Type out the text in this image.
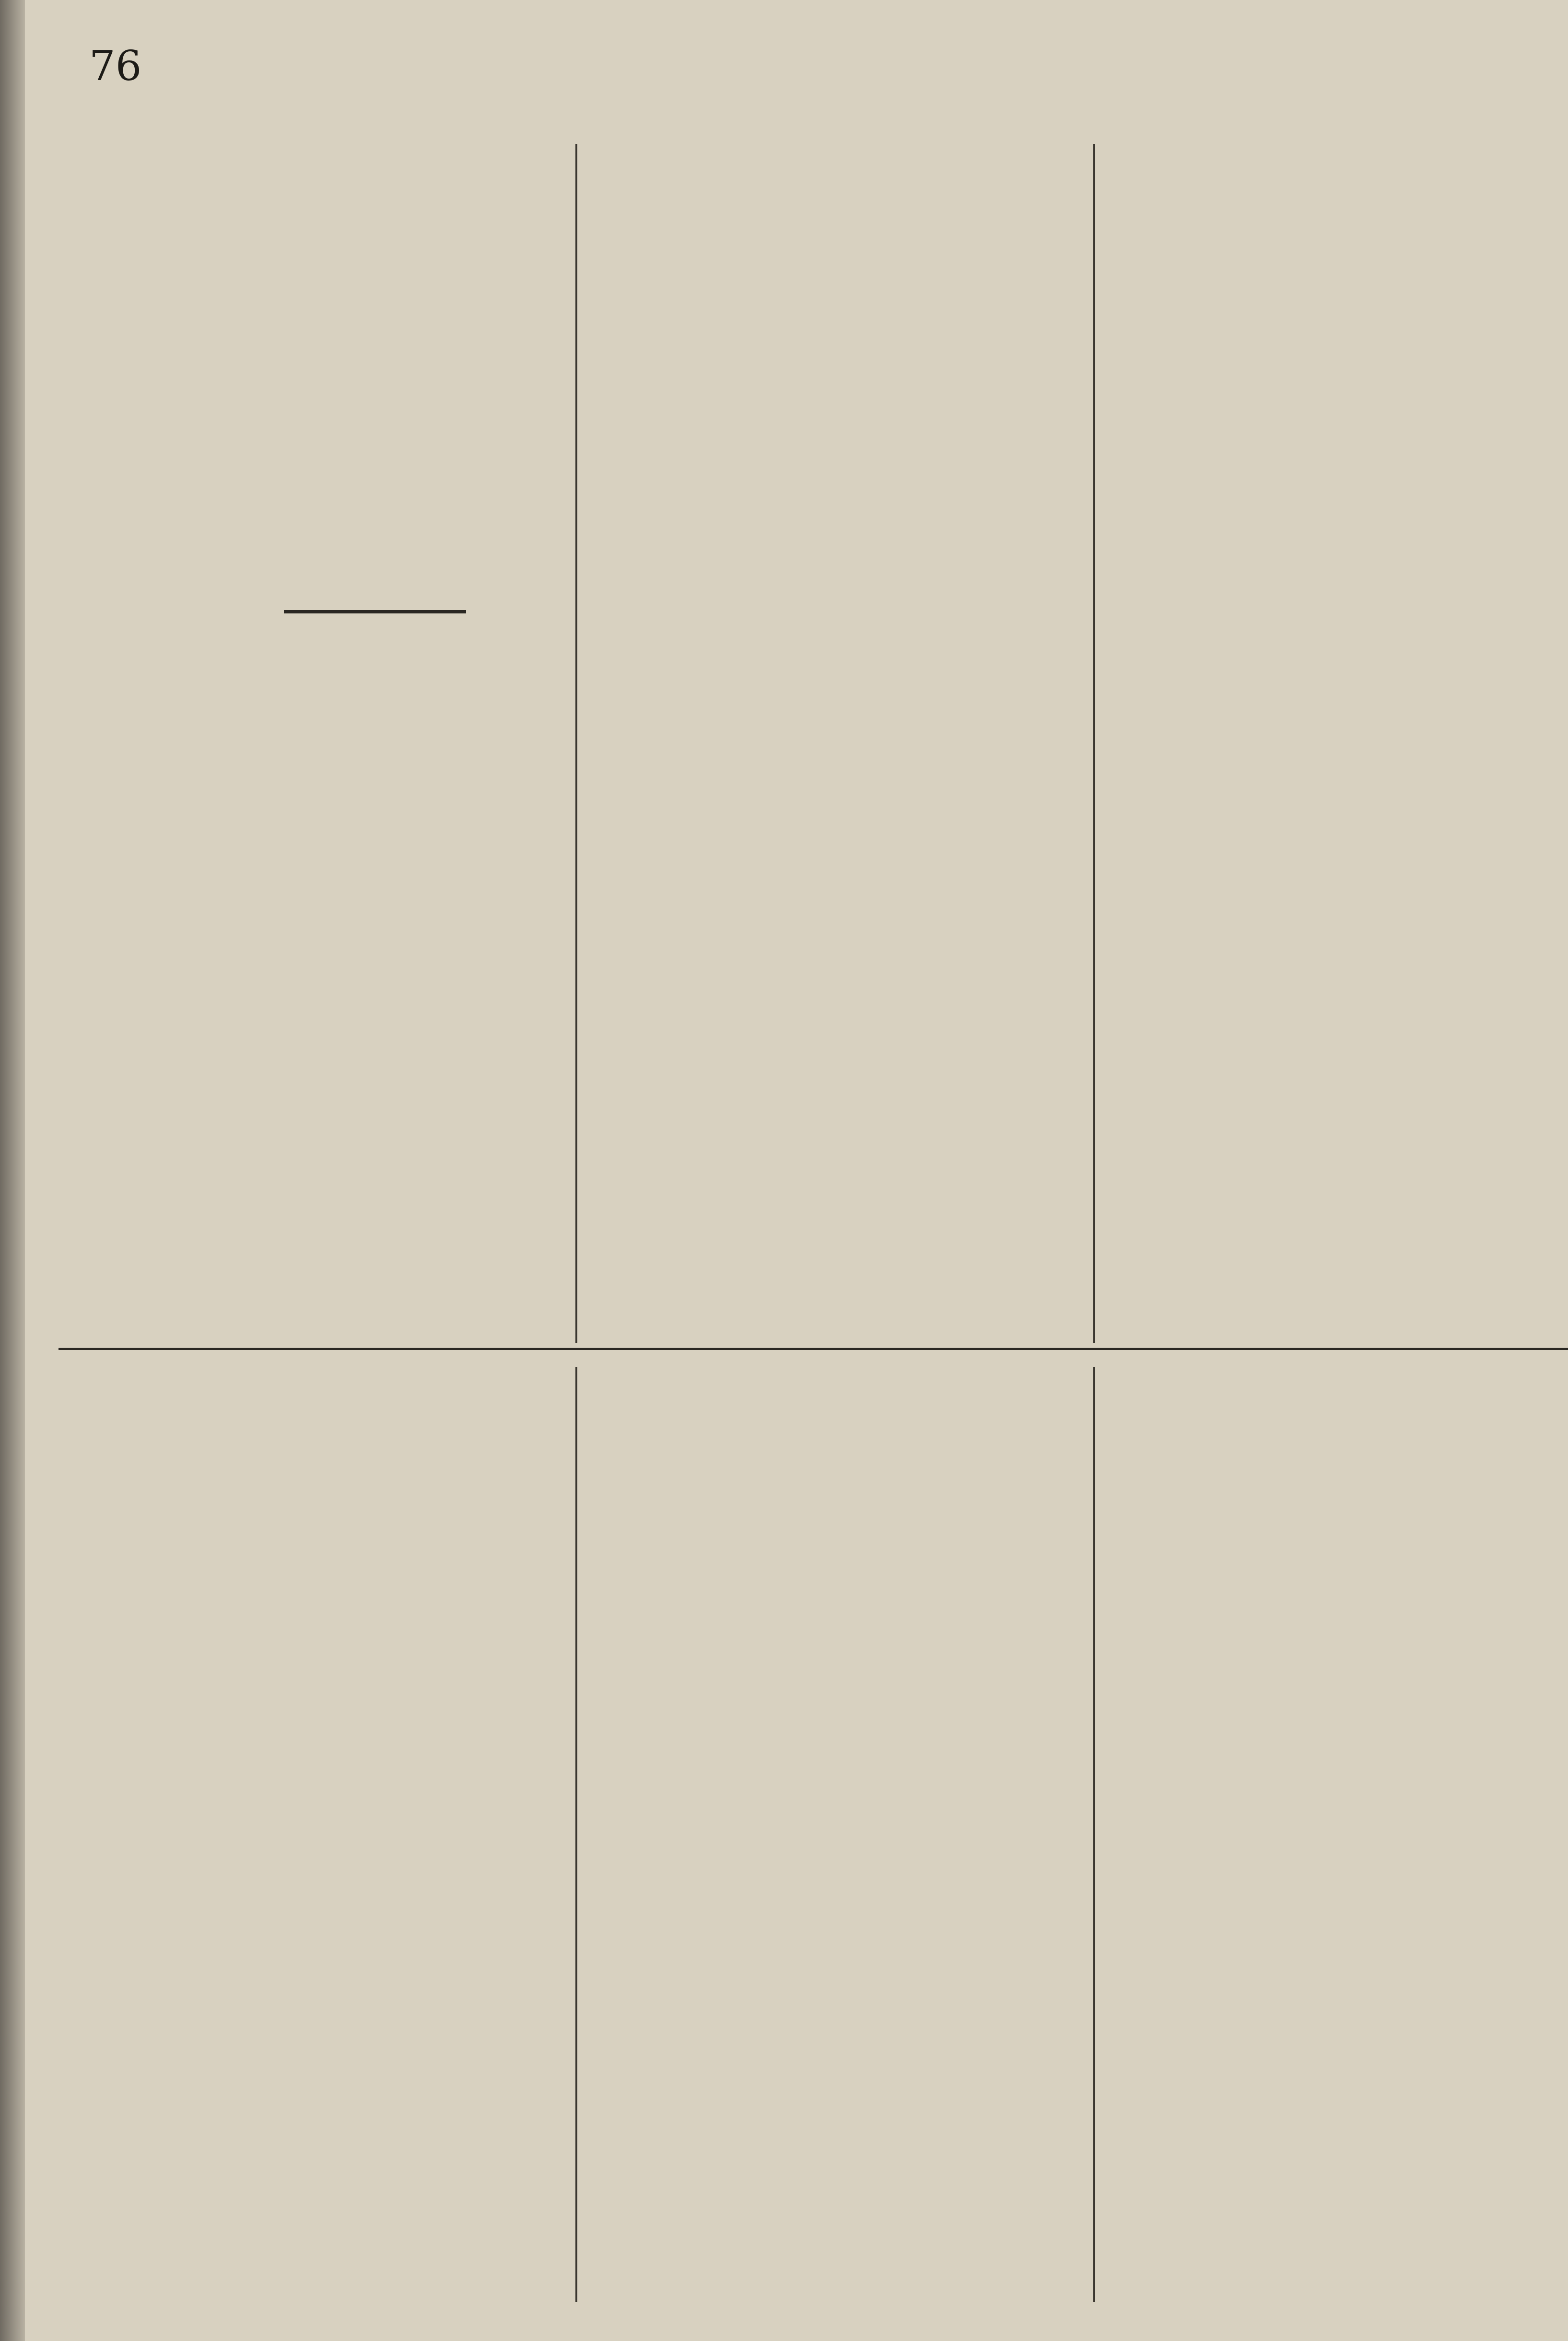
76
